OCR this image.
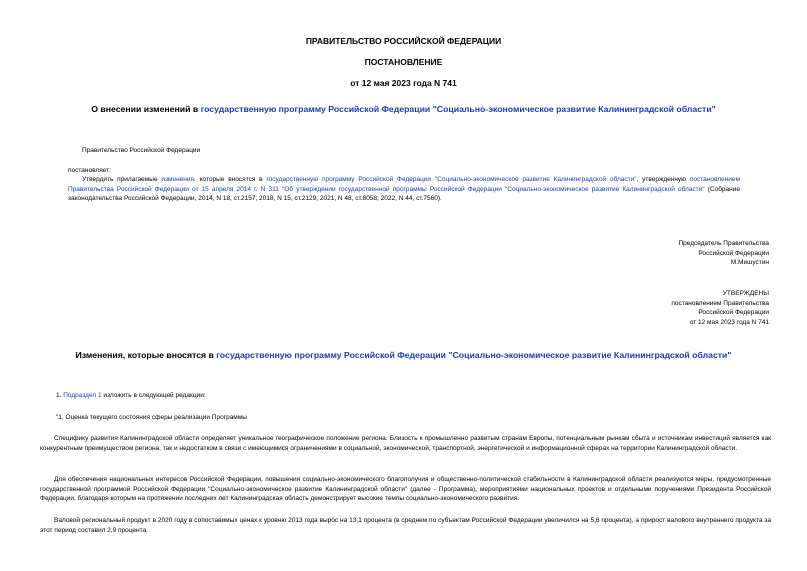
ПРАВИТЕЛЬСТВО РОССИЙСКОЙ ФЕДЕРАЦИИ
ПОСТАНОВЛЕНИЕ
от 12 мая 2023 года N 741
О внесении изменений в государственную программу Российской Федерации "Социально-экономическое развитие Калининградской области"
Правительство Российской Федерации
постановляет:
Утвердить прилагаемые изменения, которые вносятся в государственную программу Российской Федерации "Социально-экономическое развитие Калининградской области", утвержденную постановлением Правительства Российской Федерации от 15 апреля 2014 г. N 311 "Об утверждении государственной программы Российской Федерации "Социально-экономическое развитие Калининградской области" (Собрание законодательства Российской Федерации, 2014, N 18, ст.2157; 2018, N 15, ст.2129; 2021, N 48, ст.8058; 2022, N 44, ст.7560).
Председатель Правительства
Российской Федерации
М.Мишустин
УТВЕРЖДЕНЫ
постановлением Правительства
Российской Федерации
от 12 мая 2023 года N 741
Изменения, которые вносятся в государственную программу Российской Федерации "Социально-экономическое развитие Калининградской области"
1. Подраздел 1 изложить в следующей редакции:
"1. Оценка текущего состояния сферы реализации Программы
Специфику развития Калининградской области определяет уникальное географическое положение региона. Близость к промышленно развитым странам Европы, потенциальным рынкам сбыта и источникам инвестиций является как конкурентным преимуществом региона, так и недостатком в связи с имеющимися ограничениями в социальной, экономической, транспортной, энергетической и информационной сферах на территории Калининградской области.
Для обеспечения национальных интересов Российской Федерации, повышения социально-экономического благополучия и общественно-политической стабильности в Калининградской области реализуются меры, предусмотренные государственной программой Российской Федерации "Социально-экономическое развитие Калининградской области" (далее - Программа), мероприятиями национальных проектов и отдельными поручениями Президента Российской Федерации, благодаря которым на протяжении последних лет Калининградская область демонстрирует высокие темпы социально-экономического развития.
Валовой региональный продукт в 2020 году в сопоставимых ценах к уровню 2013 года вырос на 13,1 процента (в среднем по субъектам Российской Федерации увеличился на 5,6 процента), а прирост валового внутреннего продукта за этот период составил 2,9 процента.
